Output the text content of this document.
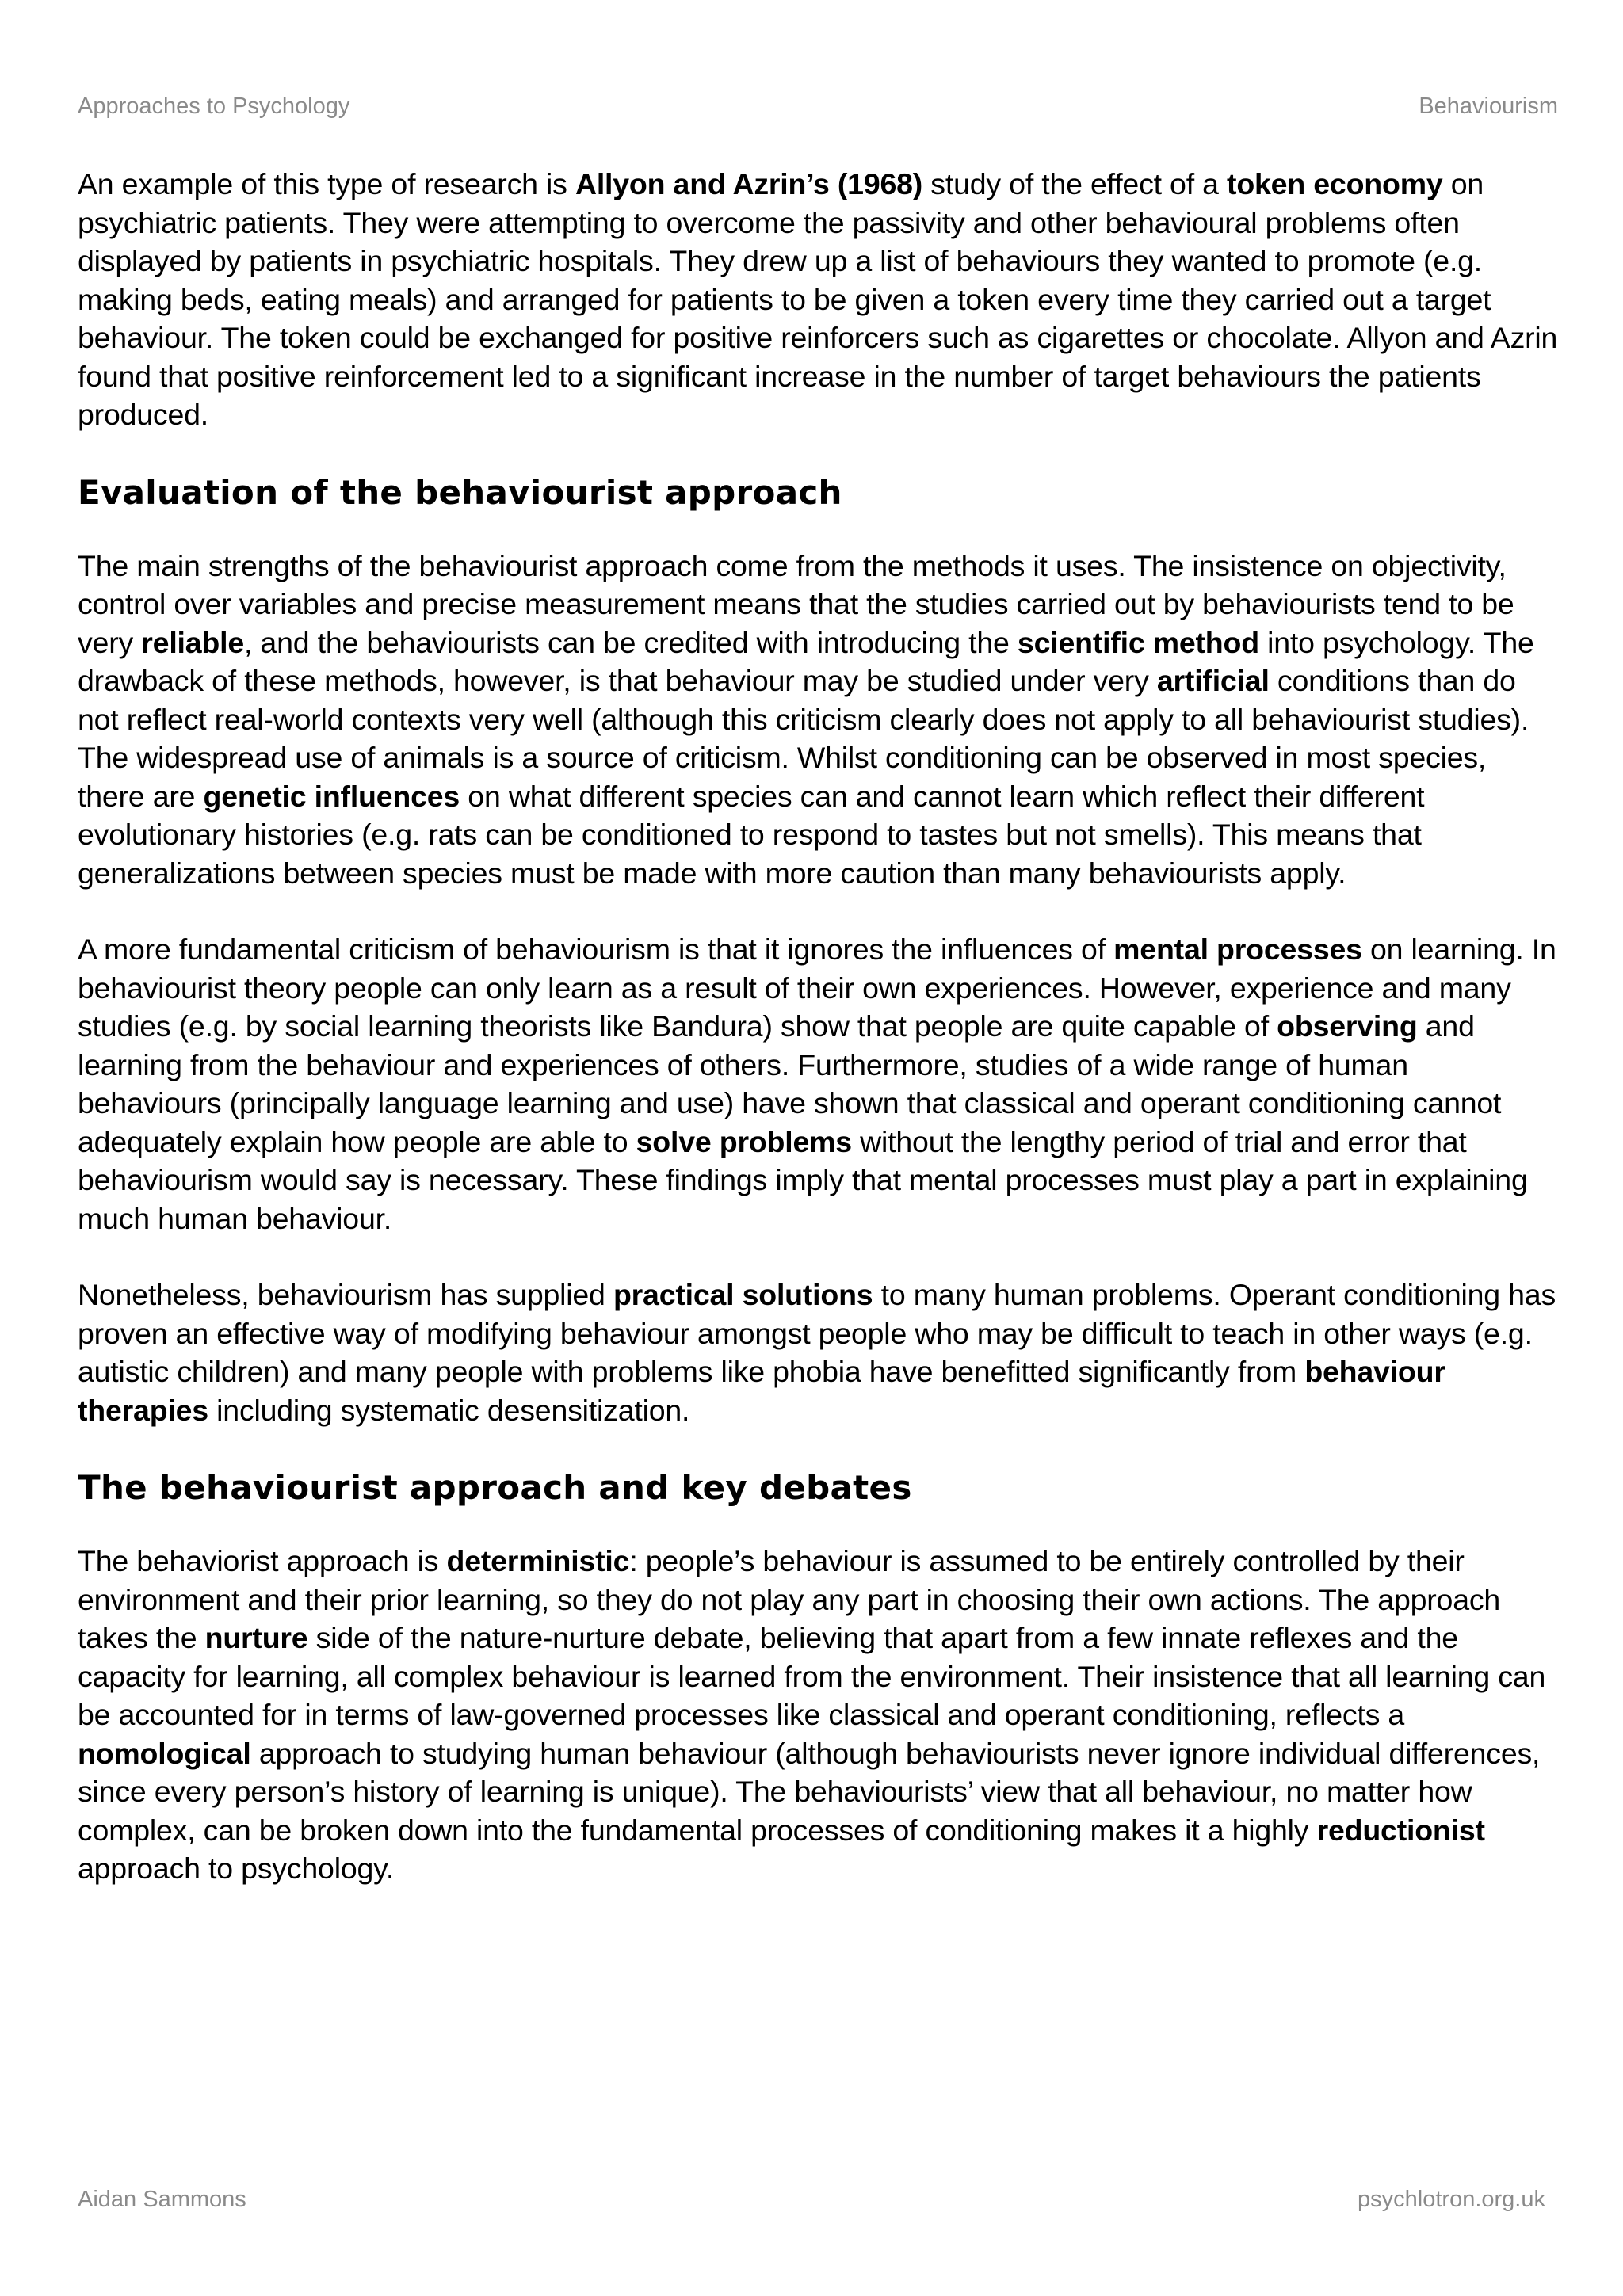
Approaches to Psychology	Behaviourism

An example of this type of research is Allyon and Azrin’s (1968) study of the effect of a token economy on psychiatric patients. They were attempting to overcome the passivity and other behavioural problems often displayed by patients in psychiatric hospitals. They drew up a list of behaviours they wanted to promote (e.g. making beds, eating meals) and arranged for patients to be given a token every time they carried out a target behaviour. The token could be exchanged for positive reinforcers such as cigarettes or chocolate. Allyon and Azrin found that positive reinforcement led to a significant increase in the number of target behaviours the patients produced.

Evaluation of the behaviourist approach

The main strengths of the behaviourist approach come from the methods it uses. The insistence on objectivity, control over variables and precise measurement means that the studies carried out by behaviourists tend to be very reliable, and the behaviourists can be credited with introducing the scientific method into psychology. The drawback of these methods, however, is that behaviour may be studied under very artificial conditions than do not reflect real-world contexts very well (although this criticism clearly does not apply to all behaviourist studies). The widespread use of animals is a source of criticism. Whilst conditioning can be observed in most species, there are genetic influences on what different species can and cannot learn which reflect their different evolutionary histories (e.g. rats can be conditioned to respond to tastes but not smells). This means that generalizations between species must be made with more caution than many behaviourists apply.

A more fundamental criticism of behaviourism is that it ignores the influences of mental processes on learning. In behaviourist theory people can only learn as a result of their own experiences. However, experience and many studies (e.g. by social learning theorists like Bandura) show that people are quite capable of observing and learning from the behaviour and experiences of others. Furthermore, studies of a wide range of human behaviours (principally language learning and use) have shown that classical and operant conditioning cannot adequately explain how people are able to solve problems without the lengthy period of trial and error that behaviourism would say is necessary. These findings imply that mental processes must play a part in explaining much human behaviour.

Nonetheless, behaviourism has supplied practical solutions to many human problems. Operant conditioning has proven an effective way of modifying behaviour amongst people who may be difficult to teach in other ways (e.g. autistic children) and many people with problems like phobia have benefitted significantly from behaviour therapies including systematic desensitization.

The behaviourist approach and key debates

The behaviorist approach is deterministic: people’s behaviour is assumed to be entirely controlled by their environment and their prior learning, so they do not play any part in choosing their own actions. The approach takes the nurture side of the nature-nurture debate, believing that apart from a few innate reflexes and the capacity for learning, all complex behaviour is learned from the environment. Their insistence that all learning can be accounted for in terms of law-governed processes like classical and operant conditioning, reflects a nomological approach to studying human behaviour (although behaviourists never ignore individual differences, since every person’s history of learning is unique). The behaviourists’ view that all behaviour, no matter how complex, can be broken down into the fundamental processes of conditioning makes it a highly reductionist approach to psychology.

Aidan Sammons	psychlotron.org.uk
